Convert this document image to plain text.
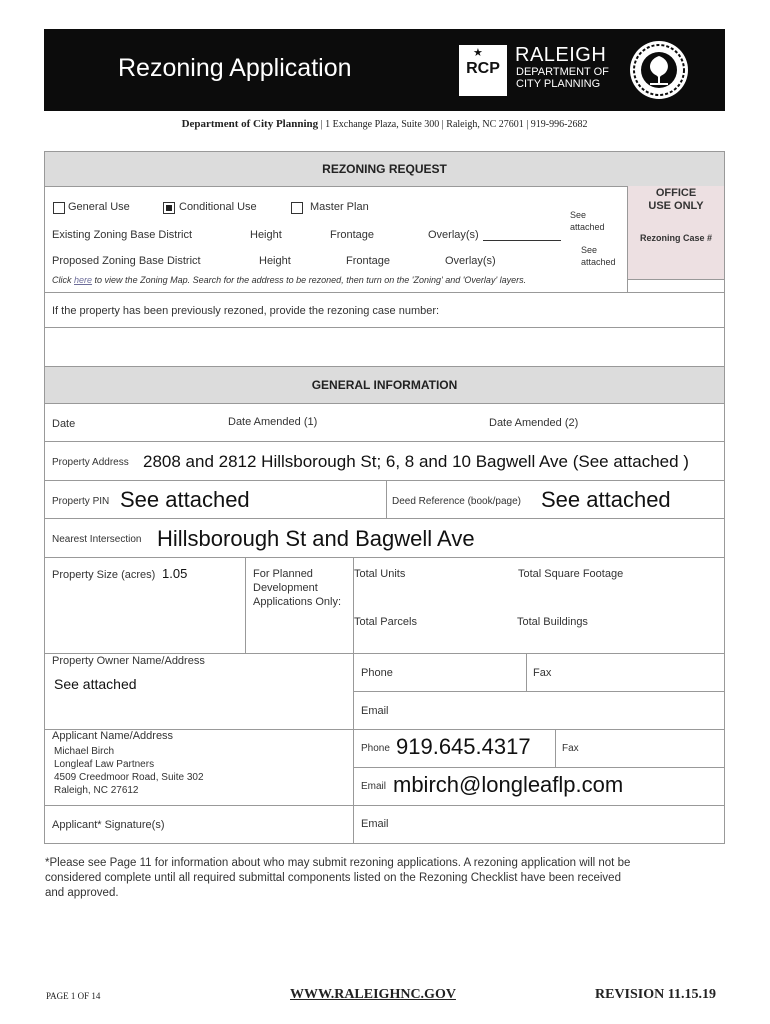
Rezoning Application
★
RCP
RALEIGH
DEPARTMENT OF
CITY PLANNING
Department of City Planning | 1 Exchange Plaza, Suite 300 | Raleigh, NC 27601 | 919-996-2682
REZONING REQUEST
OFFICE
USE ONLY
Rezoning Case #
General Use	Conditional Use	Master Plan
Existing Zoning Base District	Height	Frontage	Overlay(s)
See
attached
Proposed Zoning Base District	Height	Frontage	Overlay(s)
See
attached
Click here to view the Zoning Map. Search for the address to be rezoned, then turn on the 'Zoning' and 'Overlay' layers.
If the property has been previously rezoned, provide the rezoning case number:
GENERAL INFORMATION
Date	Date Amended (1)	Date Amended (2)
Property Address 2808 and 2812 Hillsborough St; 6, 8 and 10 Bagwell Ave (See attached )
Property PIN See attached	Deed Reference (book/page) See attached
Nearest Intersection Hillsborough St and Bagwell Ave
Property Size (acres) 1.05	For Planned
Development
Applications Only:
Total Units	Total Square Footage
Total Parcels	Total Buildings
Property Owner Name/Address
See attached
Phone	Fax
Email
Applicant Name/Address
Michael Birch
Longleaf Law Partners
4509 Creedmoor Road, Suite 302
Raleigh, NC 27612
Phone 919.645.4317	Fax
Email mbirch@longleaflp.com
Applicant* Signature(s)	Email
*Please see Page 11 for information about who may submit rezoning applications. A rezoning application will not be
considered complete until all required submittal components listed on the Rezoning Checklist have been received
and approved.
PAGE 1 OF 14	WWW.RALEIGHNC.GOV	REVISION 11.15.19
